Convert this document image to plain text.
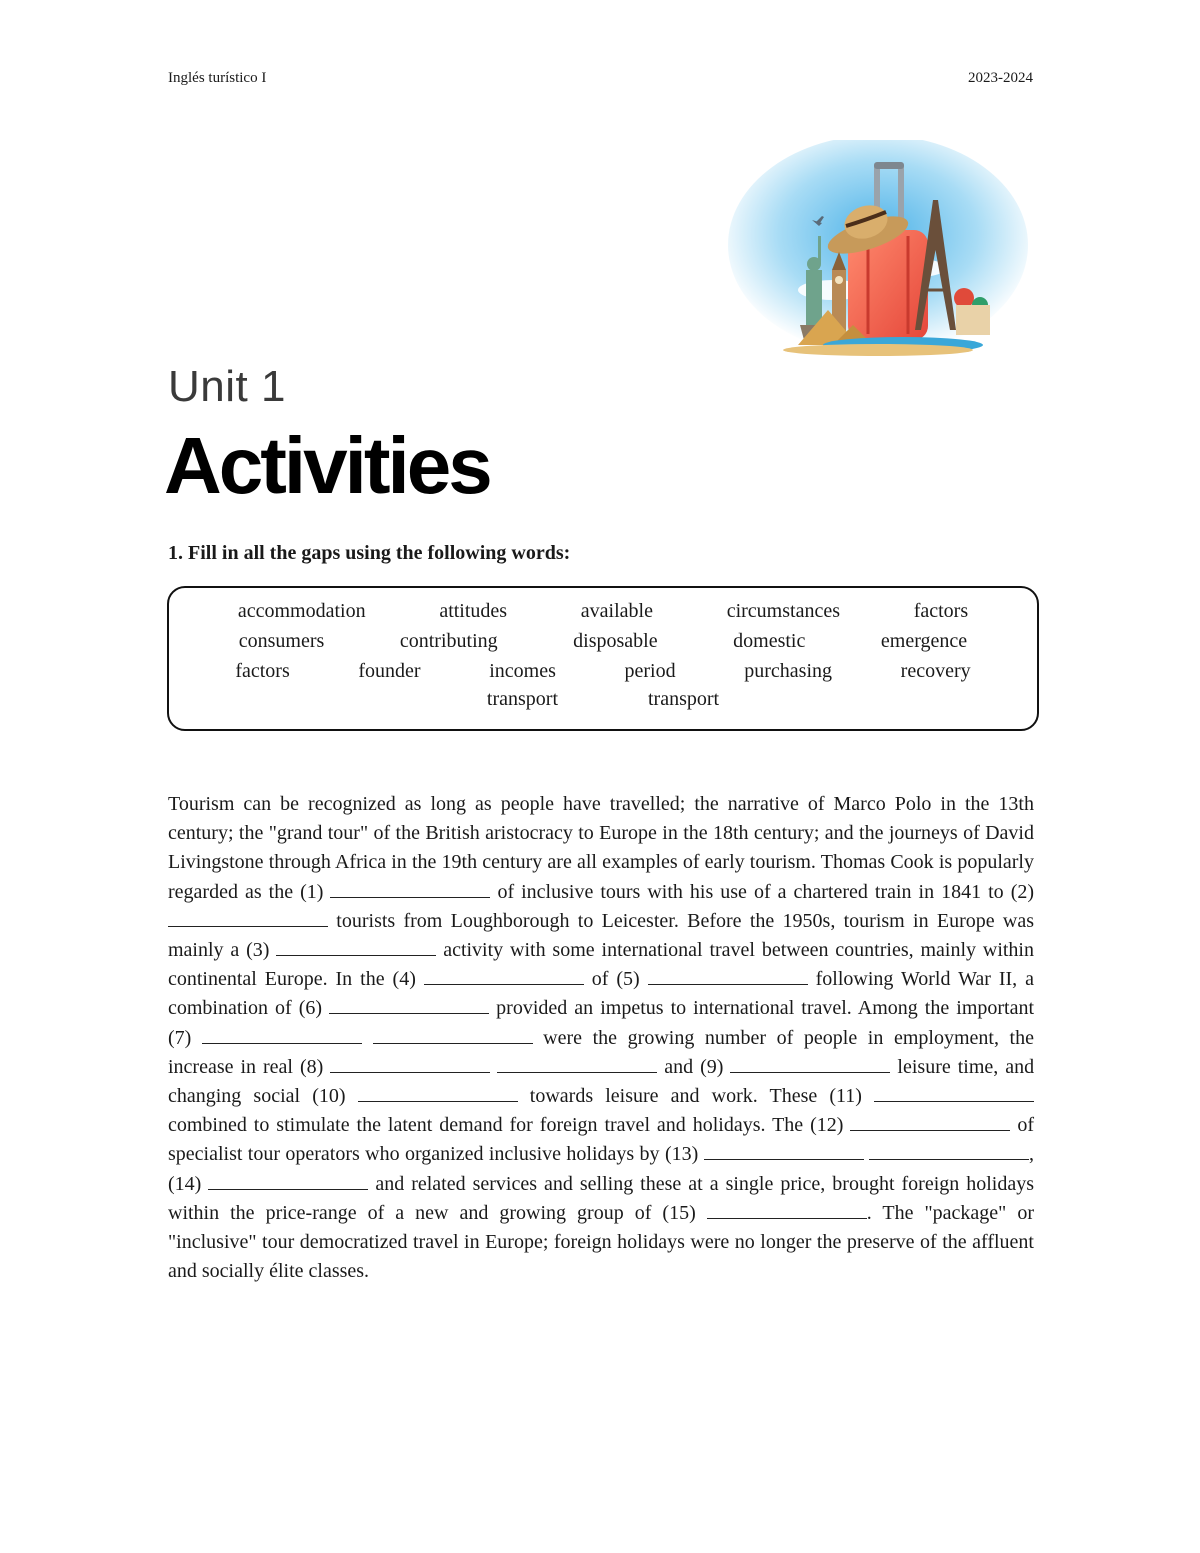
Inglés turístico I	2023-2024
Unit 1
Activities
1. Fill in all the gaps using the following words:
accommodation	attitudes	available	circumstances	factors
consumers	contributing	disposable	domestic	emergence
factors	founder	incomes	period	purchasing	recovery
transport	transport
Tourism can be recognized as long as people have travelled; the narrative of Marco Polo in the 13th century; the "grand tour" of the British aristocracy to Europe in the 18th century; and the journeys of David Livingstone through Africa in the 19th century are all examples of early tourism. Thomas Cook is popularly regarded as the (1)	of inclusive tours with his use of a chartered train in 1841 to (2)  tourists from Loughborough to Leicester. Before the 1950s, tourism in Europe was mainly a (3)	activity with some international travel between countries, mainly within continental Europe. In the (4)	of (5)	following World War II, a combination of (6)	provided an impetus to international travel. Among the important (7)	were the growing number of people in employment, the increase in real (8)	and (9)	leisure time, and changing social (10)	towards leisure and work. These (11)  combined to stimulate the latent demand for foreign travel and holidays. The (12)	of specialist tour operators who organized inclusive holidays by (13)	, (14)	and related services and selling these at a single price, brought foreign holidays within the price-range of a new and growing group of (15)	. The "package" or "inclusive" tour democratized travel in Europe; foreign holidays were no longer the preserve of the affluent and socially élite classes.
